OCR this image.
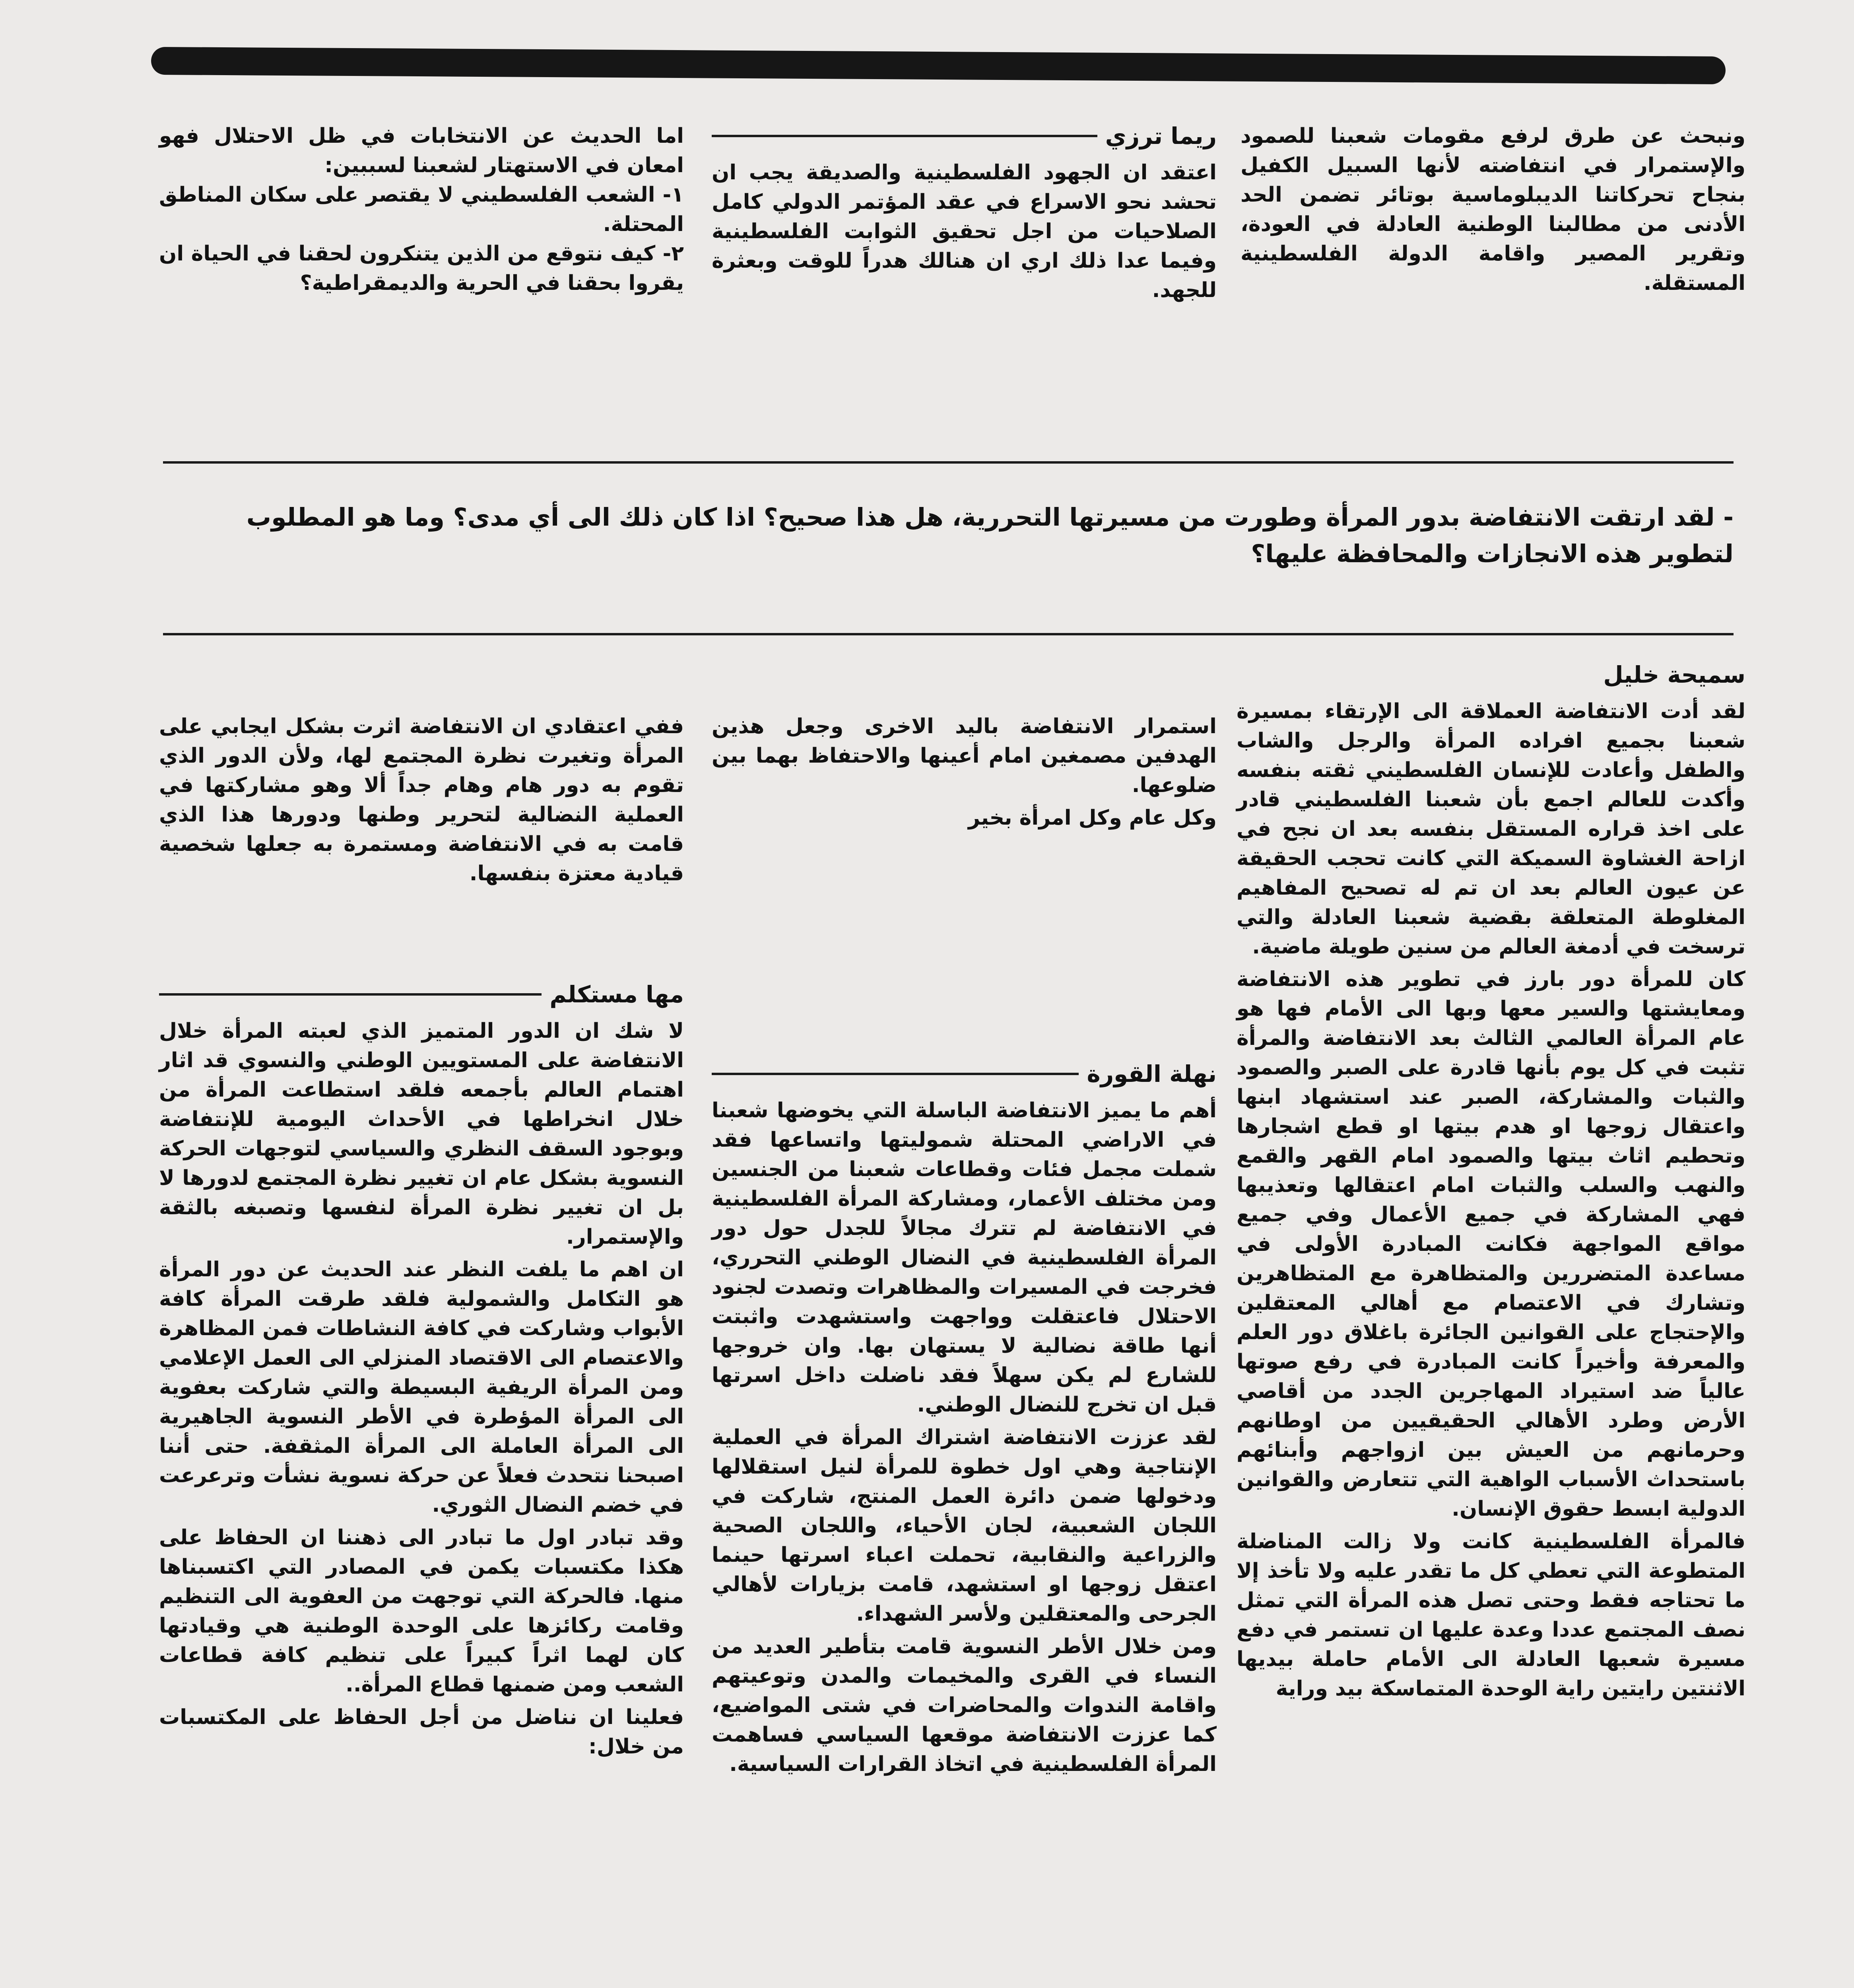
ونبحث عن طرق لرفع مقومات شعبنا للصمود والإستمرار في انتفاضته لأنها السبيل الكفيل بنجاح تحركاتنا الديبلوماسية بوتائر تضمن الحد الأدنى من مطالبنا الوطنية العادلة في العودة، وتقرير المصير واقامة الدولة الفلسطينية المستقلة.

ريما ترزي

اعتقد ان الجهود الفلسطينية والصديقة يجب ان تحشد نحو الاسراع في عقد المؤتمر الدولي كامل الصلاحيات من اجل تحقيق الثوابت الفلسطينية وفيما عدا ذلك اري ان هنالك هدراً للوقت وبعثرة للجهد.

اما الحديث عن الانتخابات في ظل الاحتلال فهو امعان في الاستهتار لشعبنا لسببين:

١- الشعب الفلسطيني لا يقتصر على سكان المناطق المحتلة.

٢- كيف نتوقع من الذين يتنكرون لحقنا في الحياة ان يقروا بحقنا في الحرية والديمقراطية؟

- لقد ارتقت الانتفاضة بدور المرأة وطورت من مسيرتها التحررية، هل هذا صحيح؟ اذا كان ذلك الى أي مدى؟ وما هو المطلوب لتطوير هذه الانجازات والمحافظة عليها؟
سميحة خليل

لقد أدت الانتفاضة العملاقة الى الإرتقاء بمسيرة شعبنا بجميع افراده المرأة والرجل والشاب والطفل وأعادت للإنسان الفلسطيني ثقته بنفسه وأكدت للعالم اجمع بأن شعبنا الفلسطيني قادر على اخذ قراره المستقل بنفسه بعد ان نجح في ازاحة الغشاوة السميكة التي كانت تحجب الحقيقة عن عيون العالم بعد ان تم له تصحيح المفاهيم المغلوطة المتعلقة بقضية شعبنا العادلة والتي ترسخت في أدمغة العالم من سنين طويلة ماضية.

كان للمرأة دور بارز في تطوير هذه الانتفاضة ومعايشتها والسير معها وبها الى الأمام فها هو عام المرأة العالمي الثالث بعد الانتفاضة والمرأة تثبت في كل يوم بأنها قادرة على الصبر والصمود والثبات والمشاركة، الصبر عند استشهاد ابنها واعتقال زوجها او هدم بيتها او قطع اشجارها وتحطيم اثاث بيتها والصمود امام القهر والقمع والنهب والسلب والثبات امام اعتقالها وتعذيبها فهي المشاركة في جميع الأعمال وفي جميع مواقع المواجهة فكانت المبادرة الأولى في مساعدة المتضررين والمتظاهرة مع المتظاهرين وتشارك في الاعتصام مع أهالي المعتقلين والإحتجاج على القوانين الجائرة باغلاق دور العلم والمعرفة وأخيراً كانت المبادرة في رفع صوتها عالياً ضد استيراد المهاجرين الجدد من أقاصي الأرض وطرد الأهالي الحقيقيين من اوطانهم وحرمانهم من العيش بين ازواجهم وأبنائهم باستحداث الأسباب الواهية التي تتعارض والقوانين الدولية ابسط حقوق الإنسان.

فالمرأة الفلسطينية كانت ولا زالت المناضلة المتطوعة التي تعطي كل ما تقدر عليه ولا تأخذ إلا ما تحتاجه فقط وحتى تصل هذه المرأة التي تمثل نصف المجتمع عددا وعدة عليها ان تستمر في دفع مسيرة شعبها العادلة الى الأمام حاملة بيديها الاثنتين رايتين راية الوحدة المتماسكة بيد وراية

استمرار الانتفاضة باليد الاخرى وجعل هذين الهدفين مصمغين امام أعينها والاحتفاظ بهما بين ضلوعها.

وكل عام وكل امرأة بخير

نهلة القورة

أهم ما يميز الانتفاضة الباسلة التي يخوضها شعبنا في الاراضي المحتلة شموليتها واتساعها فقد شملت مجمل فئات وقطاعات شعبنا من الجنسين ومن مختلف الأعمار، ومشاركة المرأة الفلسطينية في الانتفاضة لم تترك مجالاً للجدل حول دور المرأة الفلسطينية في النضال الوطني التحرري، فخرجت في المسيرات والمظاهرات وتصدت لجنود الاحتلال فاعتقلت وواجهت واستشهدت واثبتت أنها طاقة نضالية لا يستهان بها. وان خروجها للشارع لم يكن سهلاً فقد ناضلت داخل اسرتها قبل ان تخرج للنضال الوطني.

لقد عززت الانتفاضة اشتراك المرأة في العملية الإنتاجية وهي اول خطوة للمرأة لنيل استقلالها ودخولها ضمن دائرة العمل المنتج، شاركت في اللجان الشعبية، لجان الأحياء، واللجان الصحية والزراعية والنقابية، تحملت اعباء اسرتها حينما اعتقل زوجها او استشهد، قامت بزيارات لأهالي الجرحى والمعتقلين ولأسر الشهداء.

ومن خلال الأطر النسوية قامت بتأطير العديد من النساء في القرى والمخيمات والمدن وتوعيتهم واقامة الندوات والمحاضرات في شتى المواضيع، كما عززت الانتفاضة موقعها السياسي فساهمت المرأة الفلسطينية في اتخاذ القرارات السياسية.

ففي اعتقادي ان الانتفاضة اثرت بشكل ايجابي على المرأة وتغيرت نظرة المجتمع لها، ولأن الدور الذي تقوم به دور هام وهام جداً ألا وهو مشاركتها في العملية النضالية لتحرير وطنها ودورها هذا الذي قامت به في الانتفاضة ومستمرة به جعلها شخصية قيادية معتزة بنفسها.

مها مستكلم

لا شك ان الدور المتميز الذي لعبته المرأة خلال الانتفاضة على المستويين الوطني والنسوي قد اثار اهتمام العالم بأجمعه فلقد استطاعت المرأة من خلال انخراطها في الأحداث اليومية للإنتفاضة وبوجود السقف النظري والسياسي لتوجهات الحركة النسوية بشكل عام ان تغيير نظرة المجتمع لدورها لا بل ان تغيير نظرة المرأة لنفسها وتصبغه بالثقة والإستمرار.

ان اهم ما يلفت النظر عند الحديث عن دور المرأة هو التكامل والشمولية فلقد طرقت المرأة كافة الأبواب وشاركت في كافة النشاطات فمن المظاهرة والاعتصام الى الاقتصاد المنزلي الى العمل الإعلامي ومن المرأة الريفية البسيطة والتي شاركت بعفوية الى المرأة المؤطرة في الأطر النسوية الجاهيرية الى المرأة العاملة الى المرأة المثقفة. حتى أننا اصبحنا نتحدث فعلاً عن حركة نسوية نشأت وترعرعت في خضم النضال الثوري.

وقد تبادر اول ما تبادر الى ذهننا ان الحفاظ على هكذا مكتسبات يكمن في المصادر التي اكتسبناها منها. فالحركة التي توجهت من العفوية الى التنظيم وقامت ركائزها على الوحدة الوطنية هي وقيادتها كان لهما اثراً كبيراً على تنظيم كافة قطاعات الشعب ومن ضمنها قطاع المرأة..

فعلينا ان نناضل من أجل الحفاظ على المكتسبات من خلال:
